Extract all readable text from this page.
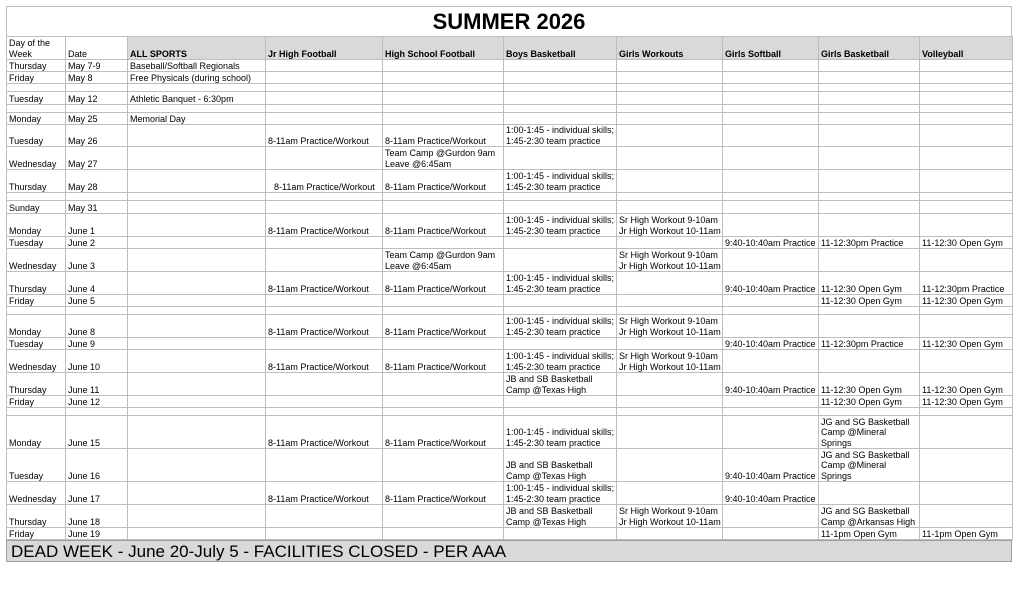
SUMMER 2026
Day of the
Week	Date	ALL SPORTS	Jr High Football	High School Football	Boys Basketball	Girls Workouts	Girls Softball	Girls Basketball	Volleyball
Thursday	May 7-9	Baseball/Softball Regionals							
Friday	May 8	Free Physicals (during school)							

Tuesday	May 12	Athletic Banquet - 6:30pm							

Monday	May 25	Memorial Day							
Tuesday	May 26		8-11am Practice/Workout	8-11am Practice/Workout	1:00-1:45 - individual skills;
1:45-2:30 team practice				
Wednesday	May 27			Team Camp @Gurdon 9am
Leave @6:45am					
Thursday	May 28		8-11am Practice/Workout	8-11am Practice/Workout	1:00-1:45 - individual skills;
1:45-2:30 team practice				

Sunday	May 31								
Monday	June 1		8-11am Practice/Workout	8-11am Practice/Workout	1:00-1:45 - individual skills;
1:45-2:30 team practice	Sr High Workout 9-10am
Jr High Workout 10-11am			
Tuesday	June 2						9:40-10:40am Practice	11-12:30pm Practice	11-12:30 Open Gym
Wednesday	June 3			Team Camp @Gurdon 9am
Leave @6:45am		Sr High Workout 9-10am
Jr High Workout 10-11am			
Thursday	June 4		8-11am Practice/Workout	8-11am Practice/Workout	1:00-1:45 - individual skills;
1:45-2:30 team practice		9:40-10:40am Practice	11-12:30 Open Gym	11-12:30pm Practice
Friday	June 5							11-12:30 Open Gym	11-12:30 Open Gym

Monday	June 8		8-11am Practice/Workout	8-11am Practice/Workout	1:00-1:45 - individual skills;
1:45-2:30 team practice	Sr High Workout 9-10am
Jr High Workout 10-11am			
Tuesday	June 9						9:40-10:40am Practice	11-12:30pm Practice	11-12:30 Open Gym
Wednesday	June 10		8-11am Practice/Workout	8-11am Practice/Workout	1:00-1:45 - individual skills;
1:45-2:30 team practice	Sr High Workout 9-10am
Jr High Workout 10-11am			
Thursday	June 11				JB and SB Basketball
Camp @Texas High		9:40-10:40am Practice	11-12:30 Open Gym	11-12:30 Open Gym
Friday	June 12							11-12:30 Open Gym	11-12:30 Open Gym

Monday	June 15		8-11am Practice/Workout	8-11am Practice/Workout	1:00-1:45 - individual skills;
1:45-2:30 team practice			JG and SG Basketball
Camp @Mineral
Springs	
Tuesday	June 16				JB and SB Basketball
Camp @Texas High		9:40-10:40am Practice	JG and SG Basketball
Camp @Mineral
Springs	
Wednesday	June 17		8-11am Practice/Workout	8-11am Practice/Workout	1:00-1:45 - individual skills;
1:45-2:30 team practice		9:40-10:40am Practice		
Thursday	June 18				JB and SB Basketball
Camp @Texas High	Sr High Workout 9-10am
Jr High Workout 10-11am		JG and SG Basketball
Camp @Arkansas High	
Friday	June 19							11-1pm Open Gym	11-1pm Open Gym
DEAD WEEK - June 20-July 5 - FACILITIES CLOSED - PER AAA
